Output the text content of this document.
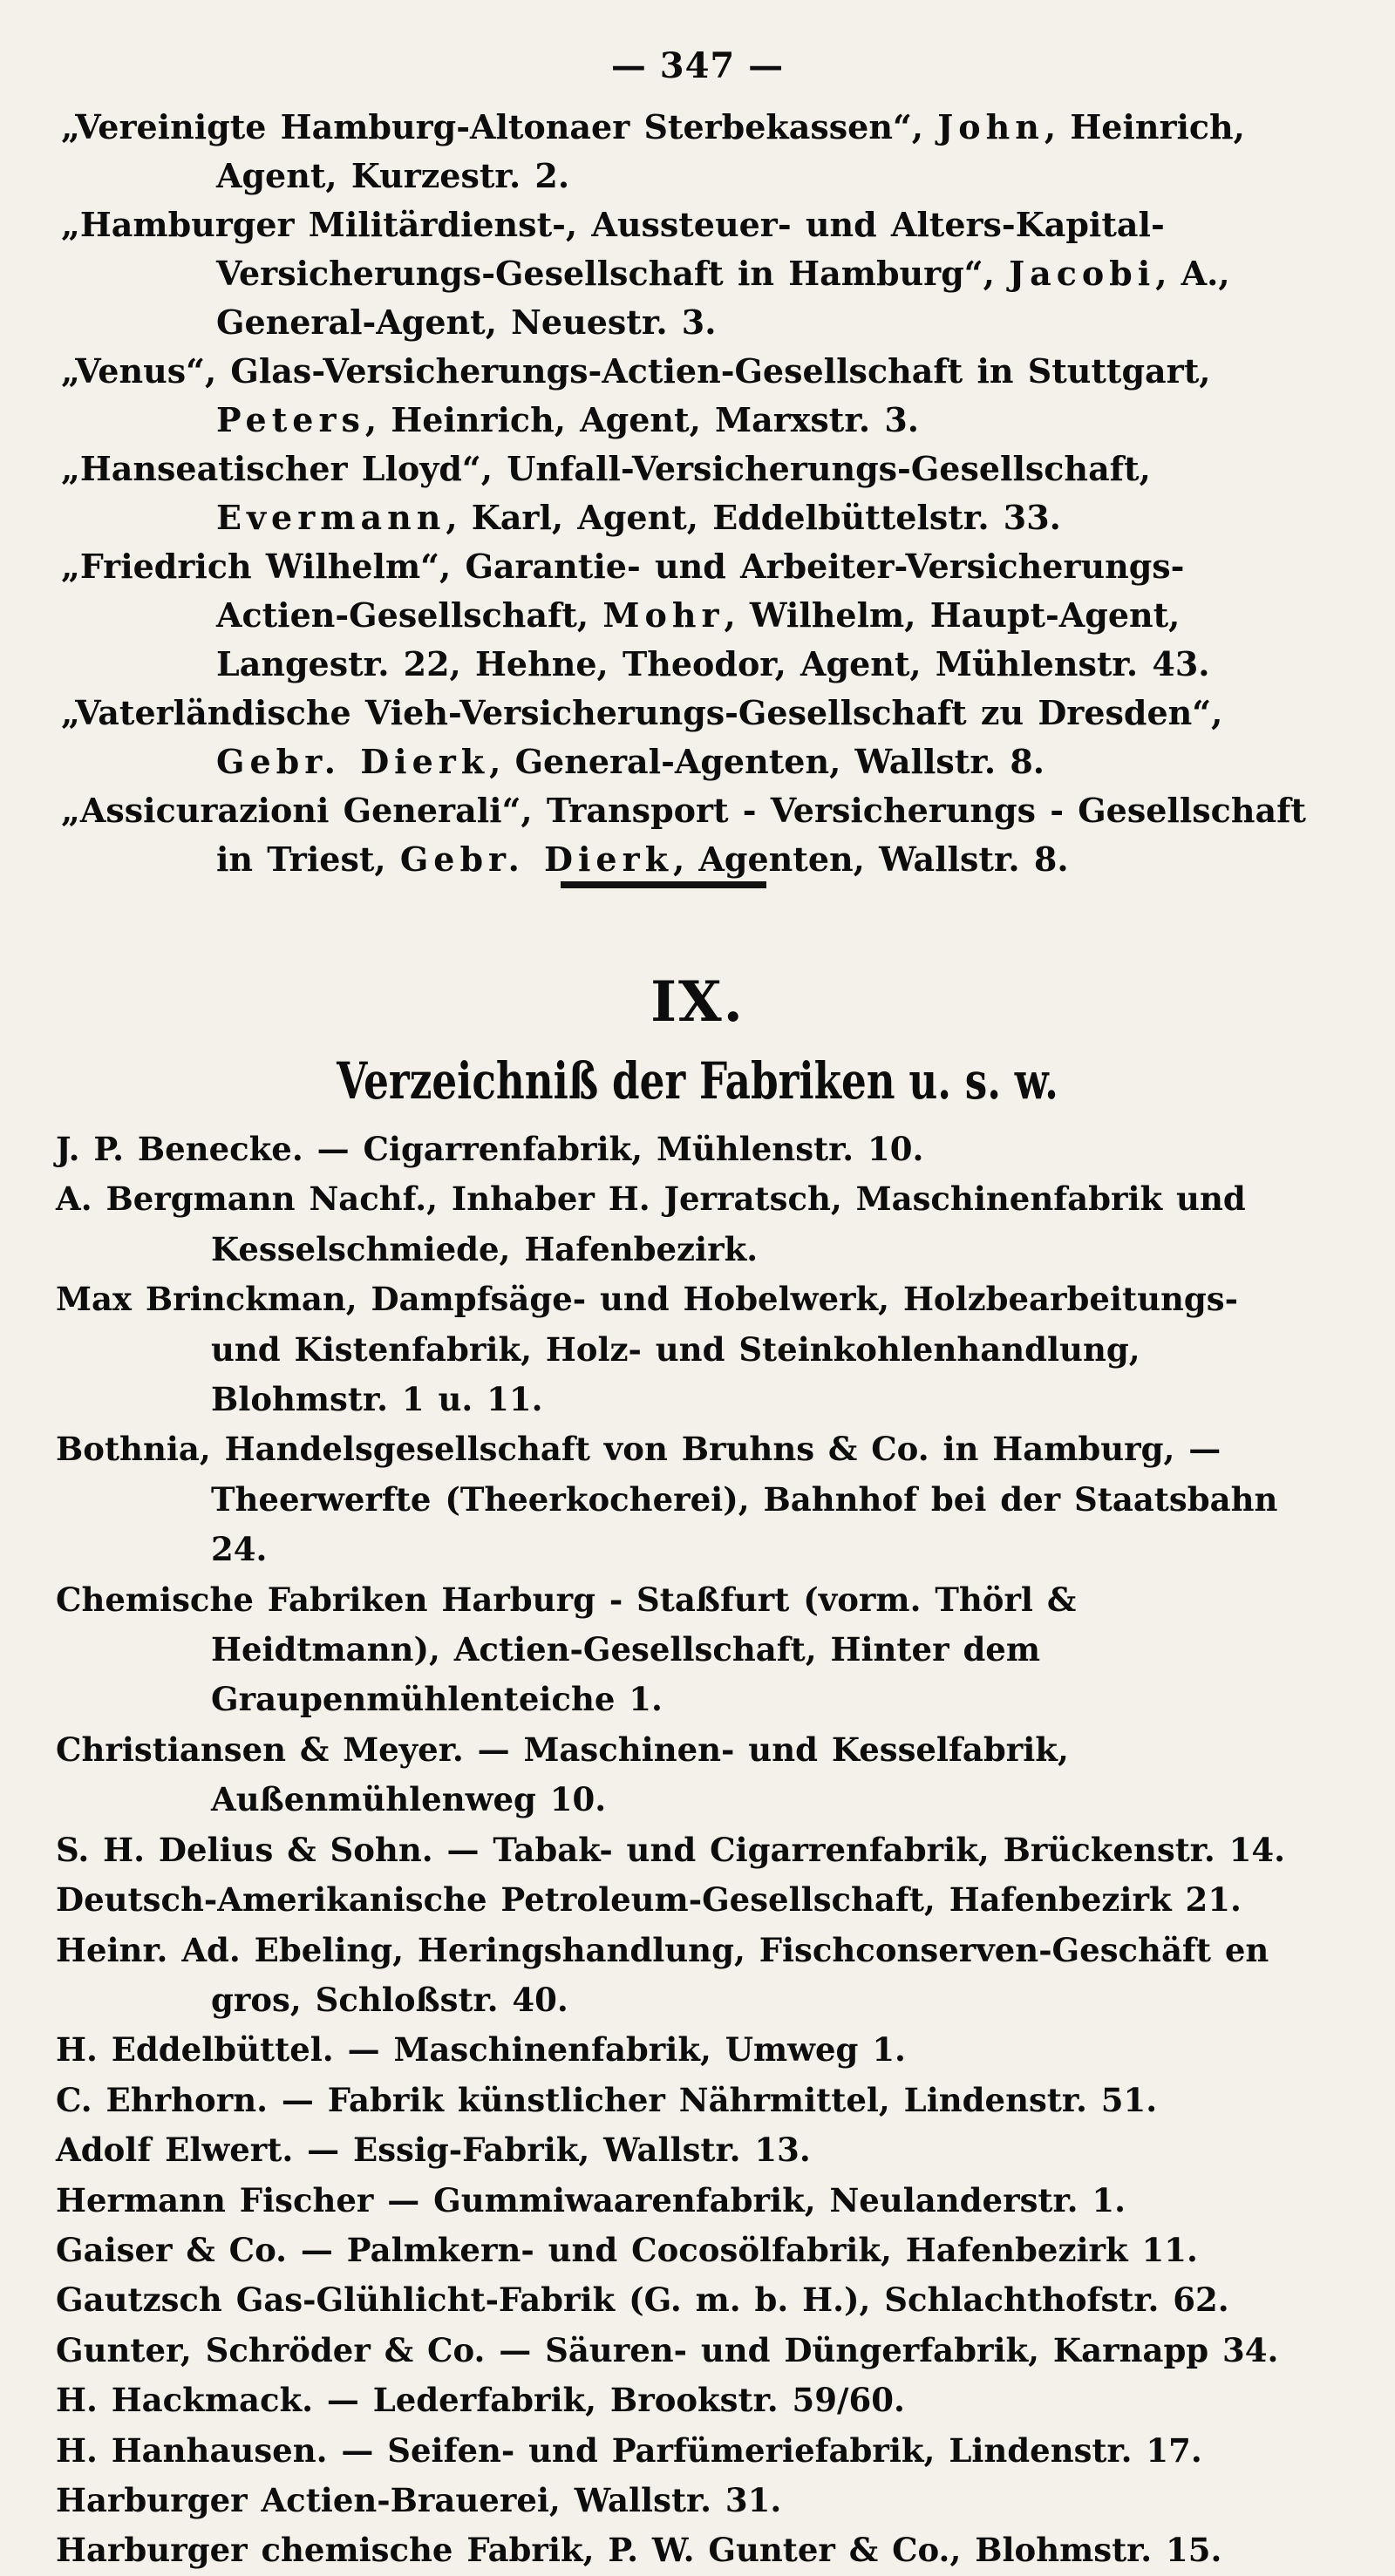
— 347 —
„Vereinigte Hamburg-Altonaer Sterbekassen“, John, Heinrich, Agent, Kurzestr. 2.
„Hamburger Militärdienst-, Aussteuer- und Alters-Kapital-Versicherungs-Gesellschaft in Hamburg“, Jacobi, A., General-Agent, Neuestr. 3.
„Venus“, Glas-Versicherungs-Actien-Gesellschaft in Stuttgart, Peters, Heinrich, Agent, Marxstr. 3.
„Hanseatischer Lloyd“, Unfall-Versicherungs-Gesellschaft, Evermann, Karl, Agent, Eddelbüttelstr. 33.
„Friedrich Wilhelm“, Garantie- und Arbeiter-Versicherungs-Actien-Gesellschaft, Mohr, Wilhelm, Haupt-Agent, Langestr. 22, Hehne, Theodor, Agent, Mühlenstr. 43.
„Vaterländische Vieh-Versicherungs-Gesellschaft zu Dresden“, Gebr. Dierk, General-Agenten, Wallstr. 8.
„Assicurazioni Generali“, Transport - Versicherungs - Gesellschaft in Triest, Gebr. Dierk, Agenten, Wallstr. 8.
IX.
Verzeichniß der Fabriken u. s. w.
J. P. Benecke. — Cigarrenfabrik, Mühlenstr. 10.
A. Bergmann Nachf., Inhaber H. Jerratsch, Maschinenfabrik und Kesselschmiede, Hafenbezirk.
Max Brinckman, Dampfsäge- und Hobelwerk, Holzbearbeitungs- und Kistenfabrik, Holz- und Steinkohlenhandlung, Blohmstr. 1 u. 11.
Bothnia, Handelsgesellschaft von Bruhns & Co. in Hamburg, — Theerwerfte (Theerkocherei), Bahnhof bei der Staatsbahn 24.
Chemische Fabriken Harburg - Staßfurt (vorm. Thörl & Heidtmann), Actien-Gesellschaft, Hinter dem Graupenmühlenteiche 1.
Christiansen & Meyer. — Maschinen- und Kesselfabrik, Außenmühlenweg 10.
S. H. Delius & Sohn. — Tabak- und Cigarrenfabrik, Brückenstr. 14.
Deutsch-Amerikanische Petroleum-Gesellschaft, Hafenbezirk 21.
Heinr. Ad. Ebeling, Heringshandlung, Fischconserven-Geschäft en gros, Schloßstr. 40.
H. Eddelbüttel. — Maschinenfabrik, Umweg 1.
C. Ehrhorn. — Fabrik künstlicher Nährmittel, Lindenstr. 51.
Adolf Elwert. — Essig-Fabrik, Wallstr. 13.
Hermann Fischer — Gummiwaarenfabrik, Neulanderstr. 1.
Gaiser & Co. — Palmkern- und Cocosölfabrik, Hafenbezirk 11.
Gautzsch Gas-Glühlicht-Fabrik (G. m. b. H.), Schlachthofstr. 62.
Gunter, Schröder & Co. — Säuren- und Düngerfabrik, Karnapp 34.
H. Hackmack. — Lederfabrik, Brookstr. 59/60.
H. Hanhausen. — Seifen- und Parfümeriefabrik, Lindenstr. 17.
Harburger Actien-Brauerei, Wallstr. 31.
Harburger chemische Fabrik, P. W. Gunter & Co., Blohmstr. 15.
